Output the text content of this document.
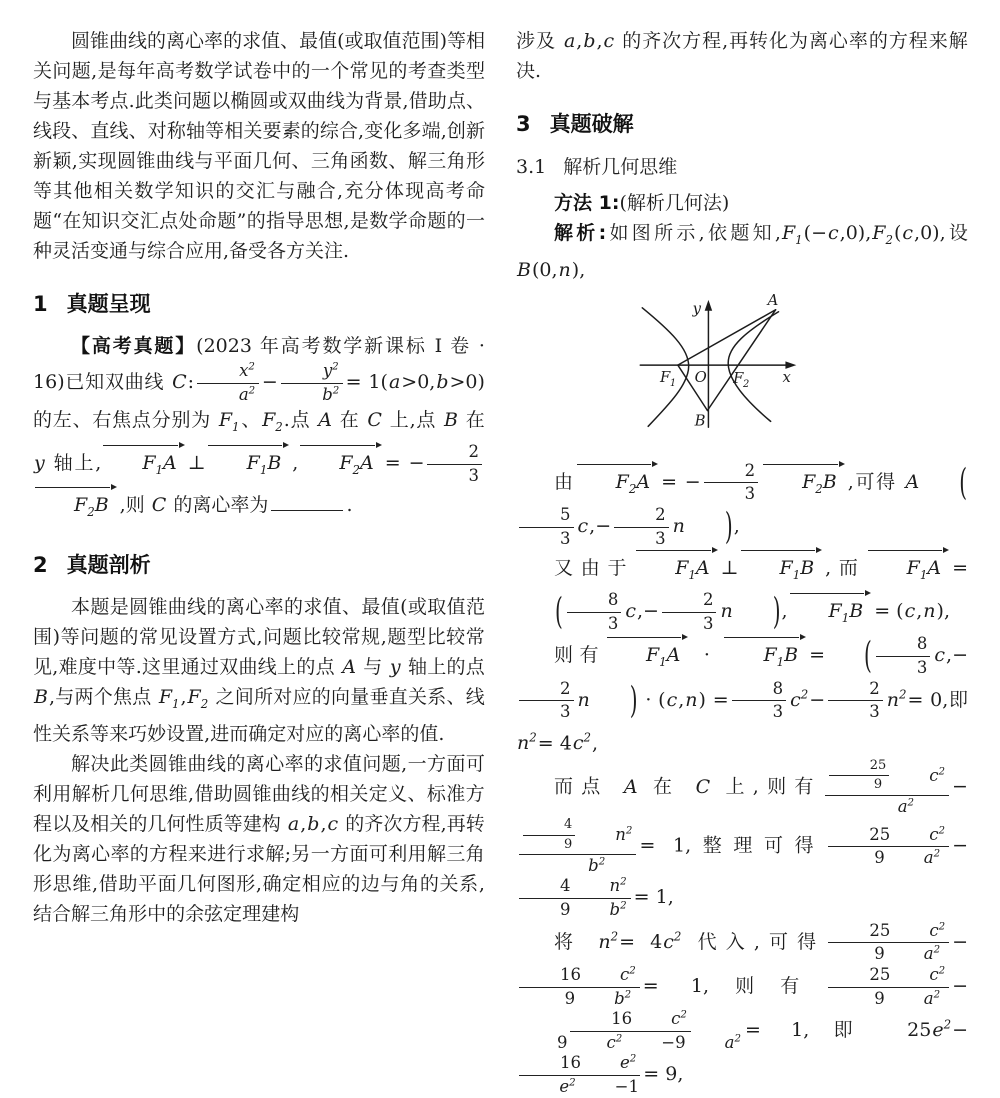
圆锥曲线的离心率的求值、最值(或取值范围)等相关问题,是每年高考数学试卷中的一个常见的考查类型与基本考点.此类问题以椭圆或双曲线为背景,借助点、线段、直线、对称轴等相关要素的综合,变化多端,创新新颖,实现圆锥曲线与平面几何、三角函数、解三角形等其他相关数学知识的交汇与融合,充分体现高考命题“在知识交汇点处命题”的指导思想,是数学命题的一种灵活变通与综合应用,备受各方关注.

1 真题呈现

【高考真题】(2023 年高考数学新课标 I 卷 · 16)已知双曲线 C: $\frac{x^2}{a^2} - \frac{y^2}{b^2} = 1(a>0,b>0)$的左、右焦点分别为 $F_1$、$F_2$.点 A 在 C 上,点 B 在 y 轴上, $F_1A$ ⊥ $F_1B$ , $F_2A$ = − $\frac{2}{3}$
$F_2B$ ,则 C 的离心率为	.

2 真题剖析

本题是圆锥曲线的离心率的求值、最值(或取值范围)等问题的常见设置方式,问题比较常规,题型比较常见,难度中等.这里通过双曲线上的点 A 与 y 轴上的点 B,与两个焦点 $F_1,F_2$ 之间所对应的向量垂直关系、线性关系等来巧妙设置,进而确定对应的离心率的值.

解决此类圆锥曲线的离心率的求值问题,一方面可利用解析几何思维,借助圆锥曲线的相关定义、标准方程以及相关的几何性质等建构 a,b,c 的齐次方程,再转化为离心率的方程来进行求解;另一方面可利用解三角形思维,借助平面几何图形,确定相应的边与角的关系,结合解三角形中的余弦定理建构

涉及 a,b,c 的齐次方程,再转化为离心率的方程来解决.

3 真题破解
3.1 解析几何思维

方法 1:(解析几何法)

解析:如图所示,依题知$,F_1(-c,0),F_2(c,0)$,设 B(0,n),

y
x
O
F 1	F 2
A
B

由 $F_2A$ = − $\frac{2}{3} F_2B$ ,可得 A (
$\frac{5}{3} c,- \frac{2}{3}$ n ),

又由于 $F_1A$ ⊥ $F_1B$ ,而 $F_1A$ =( $\frac{8}{3} c,- \frac{2}{3}$ n ), $F_1B = (c,n)$,

则有 $F_1A$ ·	$F_1B$ = ( $\frac{8}{3} c,-$
$\frac{2}{3}$ n ) · $(c,n) = \frac{8}{3} c^2- \frac{2}{3} n^2= 0$,即 $n^2= 4c^2$,

而点 A 在 C 上,则有 $\frac{25}{9}$	$c^2$
$a^2$ −
$\frac{4}{9}$	$n^2$
$b^2 = 1$,整理可得 25	$c^2$
9	$a^2$ −
4	$n^2$
9	$b^2 = 1$,

将 $n^2= 4c^2$ 代入,可得 25	$c^2$
9	$a^2$ −
16	$c^2$
9	$b^2 = 1$,则有 25	$c^2$
9	$a^2$ −
16	$c^2$
9	$c^2$	−9	$a^2 = 1$,即 $25e^2-$
16	$e^2$
$e^2$	−1 = 9,
